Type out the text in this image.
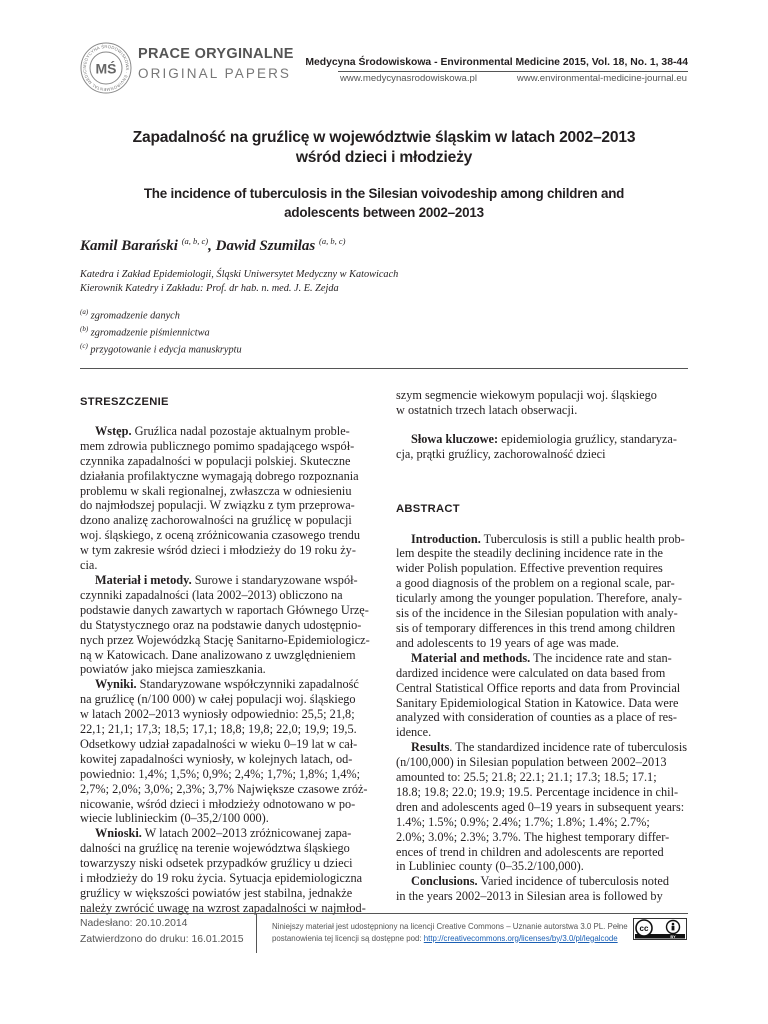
MEDYCYNA ŚRODOWISKOWA · ENVIRONMENTAL MEDICI MŚ
PRACE ORYGINALNE
ORIGINAL PAPERS
Medycyna Środowiskowa - Environmental Medicine 2015, Vol. 18, No. 1, 38-44
www.medycynasrodowiskowa.pl	www.environmental-medicine-journal.eu
Zapadalność na gruźlicę w województwie śląskim w latach 2002–2013
wśród dzieci i młodzieży
The incidence of tuberculosis in the Silesian voivodeship among children and
adolescents between 2002–2013
Kamil Barański $^{(a, b, c)}$, Dawid Szumilas $^{(a, b, c)}$
Katedra i Zakład Epidemiologii, Śląski Uniwersytet Medyczny w Katowicach
Kierownik Katedry i Zakładu: Prof. dr hab. n. med. J. E. Zejda
$^{(a)}$ zgromadzenie danych
$^{(b)}$ zgromadzenie piśmiennictwa
$^{(c)}$ przygotowanie i edycja manuskryptu
STRESZCZENIE

Wstęp. Gruźlica nadal pozostaje aktualnym proble-
mem zdrowia publicznego pomimo spadającego współ-
czynnika zapadalności w populacji polskiej. Skuteczne
działania profilaktyczne wymagają dobrego rozpoznania
problemu w skali regionalnej, zwłaszcza w odniesieniu
do najmłodszej populacji. W związku z tym przeprowa-
dzono analizę zachorowalności na gruźlicę w populacji
woj. śląskiego, z oceną zróżnicowania czasowego trendu
w tym zakresie wśród dzieci i młodzieży do 19 roku ży-
cia.

Materiał i metody. Surowe i standaryzowane współ-
czynniki zapadalności (lata 2002–2013) obliczono na
podstawie danych zawartych w raportach Głównego Urzę-
du Statystycznego oraz na podstawie danych udostępnio-
nych przez Wojewódzką Stację Sanitarno-Epidemiologicz-
ną w Katowicach. Dane analizowano z uwzględnieniem
powiatów jako miejsca zamieszkania.

Wyniki. Standaryzowane współczynniki zapadalność
na gruźlicę (n/100 000) w całej populacji woj. śląskiego
w latach 2002–2013 wyniosły odpowiednio: 25,5; 21,8;
22,1; 21,1; 17,3; 18,5; 17,1; 18,8; 19,8; 22,0; 19,9; 19,5.
Odsetkowy udział zapadalności w wieku 0–19 lat w cał-
kowitej zapadalności wyniosły, w kolejnych latach, od-
powiednio: 1,4%; 1,5%; 0,9%; 2,4%; 1,7%; 1,8%; 1,4%;
2,7%; 2,0%; 3,0%; 2,3%; 3,7% Największe czasowe zróż-
nicowanie, wśród dzieci i młodzieży odnotowano w po-
wiecie lublinieckim (0–35,2/100 000).

Wnioski. W latach 2002–2013 zróżnicowanej zapa-
dalności na gruźlicę na terenie województwa śląskiego
towarzyszy niski odsetek przypadków gruźlicy u dzieci
i młodzieży do 19 roku życia. Sytuacja epidemiologiczna
gruźlicy w większości powiatów jest stabilna, jednakże
należy zwrócić uwagę na wzrost zapadalności w najmłod-

szym segmencie wiekowym populacji woj. śląskiego
w ostatnich trzech latach obserwacji.

Słowa kluczowe: epidemiologia gruźlicy, standaryza-
cja, prątki gruźlicy, zachorowalność dzieci

ABSTRACT

Introduction. Tuberculosis is still a public health prob-
lem despite the steadily declining incidence rate in the
wider Polish population. Effective prevention requires
a good diagnosis of the problem on a regional scale, par-
ticularly among the younger population. Therefore, analy-
sis of the incidence in the Silesian population with analy-
sis of temporary differences in this trend among children
and adolescents to 19 years of age was made.

Material and methods. The incidence rate and stan-
dardized incidence were calculated on data based from
Central Statistical Office reports and data from Provincial
Sanitary Epidemiological Station in Katowice. Data were
analyzed with consideration of counties as a place of res-
idence.

Results. The standardized incidence rate of tuberculosis
(n/100,000) in Silesian population between 2002–2013
amounted to: 25.5; 21.8; 22.1; 21.1; 17.3; 18.5; 17.1;
18.8; 19.8; 22.0; 19.9; 19.5. Percentage incidence in chil-
dren and adolescents aged 0–19 years in subsequent years:
1.4%; 1.5%; 0.9%; 2.4%; 1.7%; 1.8%; 1.4%; 2.7%;
2.0%; 3.0%; 2.3%; 3.7%. The highest temporary differ-
ences of trend in children and adolescents are reported
in Lubliniec county (0–35.2/100,000).

Conclusions. Varied incidence of tuberculosis noted
in the years 2002–2013 in Silesian area is followed by

Nadesłano: 20.10.2014
Zatwierdzono do druku: 16.01.2015
Niniejszy materiał jest udostępniony na licencji Creative Commons – Uznanie autorstwa 3.0 PL. Pełne
postanowienia tej licencji są dostępne pod: http://creativecommons.org/licenses/by/3.0/pl/legalcode
cc
BY
